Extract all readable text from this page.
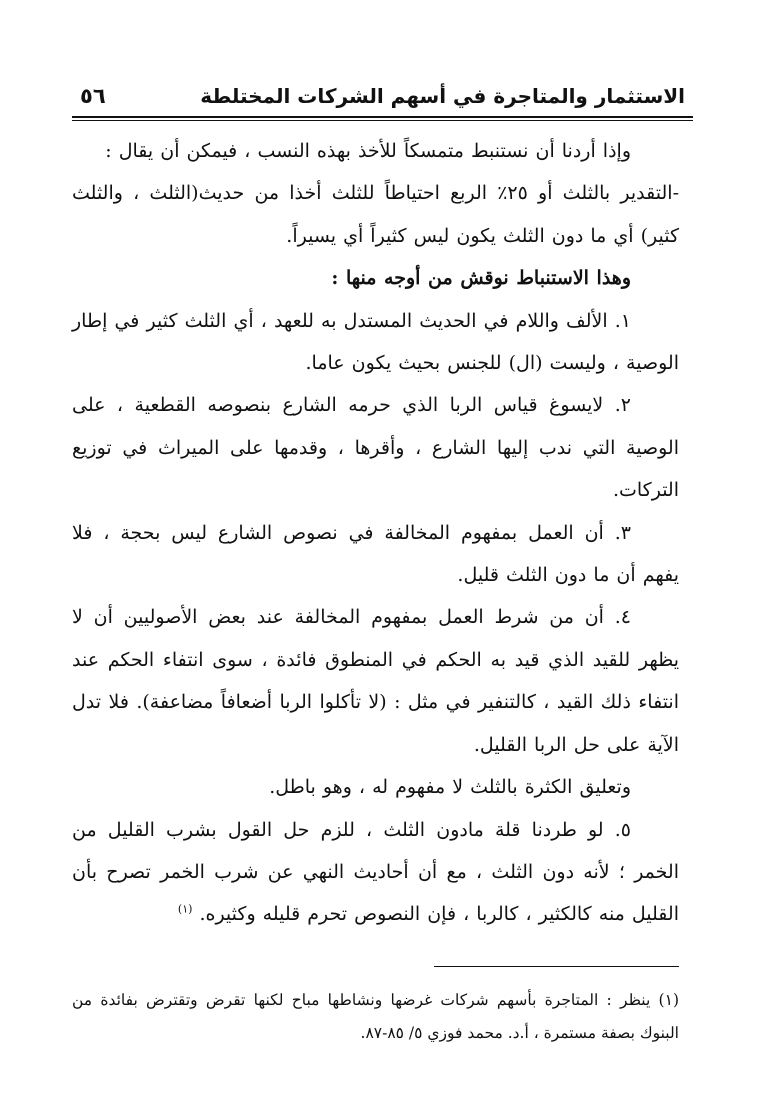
الاستثمار والمتاجرة في أسهم الشركات المختلطة
٥٦

وإذا أردنا أن نستنبط متمسكاً للأخذ بهذه النسب ، فيمكن أن يقال :

-التقدير بالثلث أو ٢٥٪ الربع احتياطاً للثلث أخذا من حديث(الثلث ، والثلث كثير) أي ما دون الثلث يكون ليس كثيراً أي يسيراً.

وهذا الاستنباط نوقش من أوجه منها :

١. الألف واللام في الحديث المستدل به للعهد ، أي الثلث كثير في إطار الوصية ، وليست (ال) للجنس بحيث يكون عاما.

٢. لايسوغ قياس الربا الذي حرمه الشارع بنصوصه القطعية ، على الوصية التي ندب إليها الشارع ، وأقرها ، وقدمها على الميراث في توزيع التركات.

٣. أن العمل بمفهوم المخالفة في نصوص الشارع ليس بحجة ، فلا يفهم أن ما دون الثلث قليل.

٤. أن من شرط العمل بمفهوم المخالفة عند بعض الأصوليين أن لا يظهر للقيد الذي قيد به الحكم في المنطوق فائدة ، سوى انتفاء الحكم عند انتفاء ذلك القيد ، كالتنفير في مثل : (لا تأكلوا الربا أضعافاً مضاعفة). فلا تدل الآية على حل الربا القليل.

وتعليق الكثرة بالثلث لا مفهوم له ، وهو باطل.

٥. لو طردنا قلة مادون الثلث ، للزم حل القول بشرب القليل من الخمر ؛ لأنه دون الثلث ، مع أن أحاديث النهي عن شرب الخمر تصرح بأن القليل منه كالكثير ، كالربا ، فإن النصوص تحرم قليله وكثيره. $^{(١)}$

(١) ينظر : المتاجرة بأسهم شركات غرضها ونشاطها مباح لكنها تقرض وتقترض بفائدة من البنوك بصفة مستمرة ، أ.د. محمد فوزي ٥/ ٨٥-٨٧.
